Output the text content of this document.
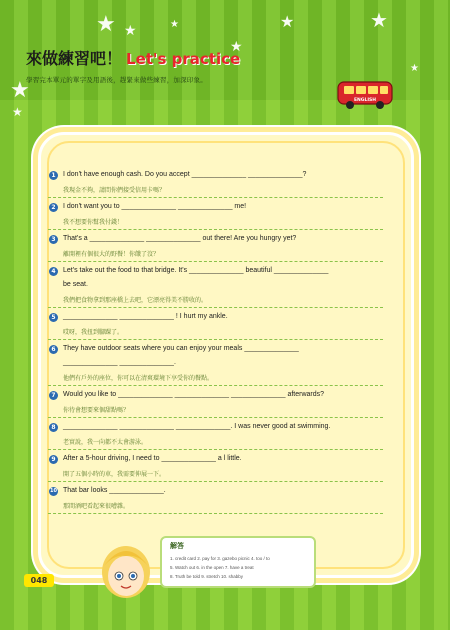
★ ★	★
★
★	★
★
★
★
來做練習吧！ Let's practice
學習完本單元的單字及用語後，趕緊來做些練習，加深印象。
ENGLISH
1	I don't have enough cash. Do you accept ______________ ______________?
我現金不夠，請問你們接受信用卡嗎？
2	I don't want you to ______________ ______________ me!
我不想要你幫我付錢！
3	That's a ______________ ______________ out there! Are you hungry yet?
離開裡有個很大的野餐！你餓了沒？
4	Let's take out the food to that bridge. It's ______________ beautiful ______________
be seat.
我們把食物拿到那座橋上去吧，它漂亮得美不勝收的。
5	______________ ______________ ! I hurt my ankle.
哎呀，我扭到腳踝了。
6	They have outdoor seats where you can enjoy your meals ______________
______________ ______________.
他們有戶外的座位，你可以在清爽環境下享受你的餐點。
7	Would you like to ______________ ______________ ______________ afterwards?
你待會想要來個甜點嗎？
8	______________ ______________ ______________. I was never good at swimming.
老實說，我一向都不太會游泳。
9	After a 5-hour driving, I need to ______________ a l little.
開了五個小時的車，我需要伸展一下。
10 That bar looks ______________.
那間酒吧看起來很嘈雜。
解答
1. credit card 2. pay for 3. gazebo picnic 4. too / to
5. Watch out 6. in the open 7. have a treat
8. Truth be told 9. stretch 10. shabby
048
